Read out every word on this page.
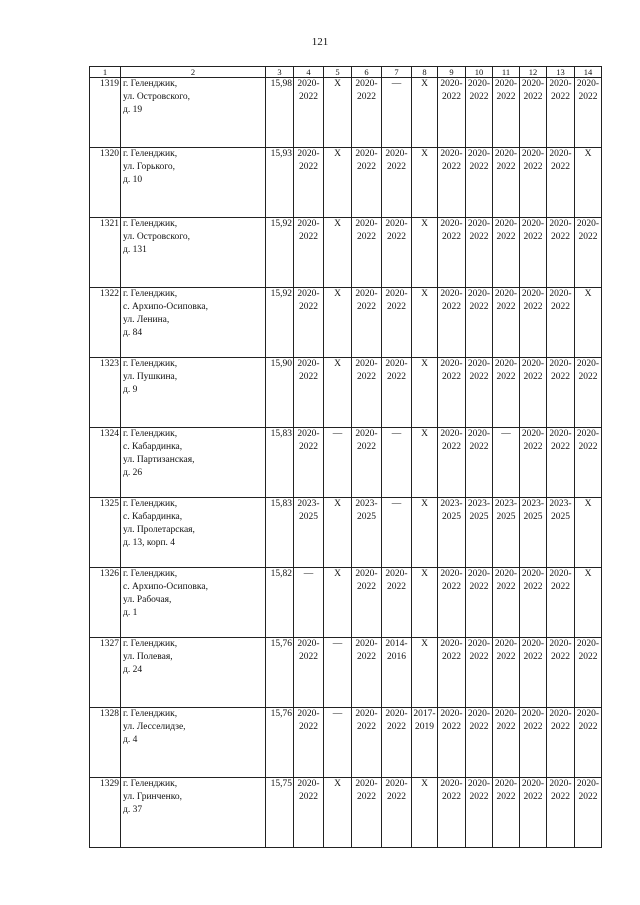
121
1	2	3	4	5	6	7	8	9	10	11	12	13	14
1319	г. Геленджик,
ул. Островского,
д. 19	15,98	2020-
2022	X	2020-
2022	—	X	2020-
2022	2020-
2022	2020-
2022	2020-
2022	2020-
2022	2020-
2022
1320	г. Геленджик,
ул. Горького,
д. 10	15,93	2020-
2022	X	2020-
2022	2020-
2022	X	2020-
2022	2020-
2022	2020-
2022	2020-
2022	2020-
2022	X
1321	г. Геленджик,
ул. Островского,
д. 131	15,92	2020-
2022	X	2020-
2022	2020-
2022	X	2020-
2022	2020-
2022	2020-
2022	2020-
2022	2020-
2022	2020-
2022
1322	г. Геленджик,
с. Архипо-Осиповка,
ул. Ленина,
д. 84	15,92	2020-
2022	X	2020-
2022	2020-
2022	X	2020-
2022	2020-
2022	2020-
2022	2020-
2022	2020-
2022	X
1323	г. Геленджик,
ул. Пушкина,
д. 9	15,90	2020-
2022	X	2020-
2022	2020-
2022	X	2020-
2022	2020-
2022	2020-
2022	2020-
2022	2020-
2022	2020-
2022
1324	г. Геленджик,
с. Кабардинка,
ул. Партизанская,
д. 26	15,83	2020-
2022	—	2020-
2022	—	X	2020-
2022	2020-
2022	—	2020-
2022	2020-
2022	2020-
2022
1325	г. Геленджик,
с. Кабардинка,
ул. Пролетарская,
д. 13, корп. 4	15,83	2023-
2025	X	2023-
2025	—	X	2023-
2025	2023-
2025	2023-
2025	2023-
2025	2023-
2025	X
1326	г. Геленджик,
с. Архипо-Осиповка,
ул. Рабочая,
д. 1	15,82	—	X	2020-
2022	2020-
2022	X	2020-
2022	2020-
2022	2020-
2022	2020-
2022	2020-
2022	X
1327	г. Геленджик,
ул. Полевая,
д. 24	15,76	2020-
2022	—	2020-
2022	2014-
2016	X	2020-
2022	2020-
2022	2020-
2022	2020-
2022	2020-
2022	2020-
2022
1328	г. Геленджик,
ул. Лесселидзе,
д. 4	15,76	2020-
2022	—	2020-
2022	2020-
2022	2017-
2019	2020-
2022	2020-
2022	2020-
2022	2020-
2022	2020-
2022	2020-
2022
1329	г. Геленджик,
ул. Гринченко,
д. 37	15,75	2020-
2022	X	2020-
2022	2020-
2022	X	2020-
2022	2020-
2022	2020-
2022	2020-
2022	2020-
2022	2020-
2022
